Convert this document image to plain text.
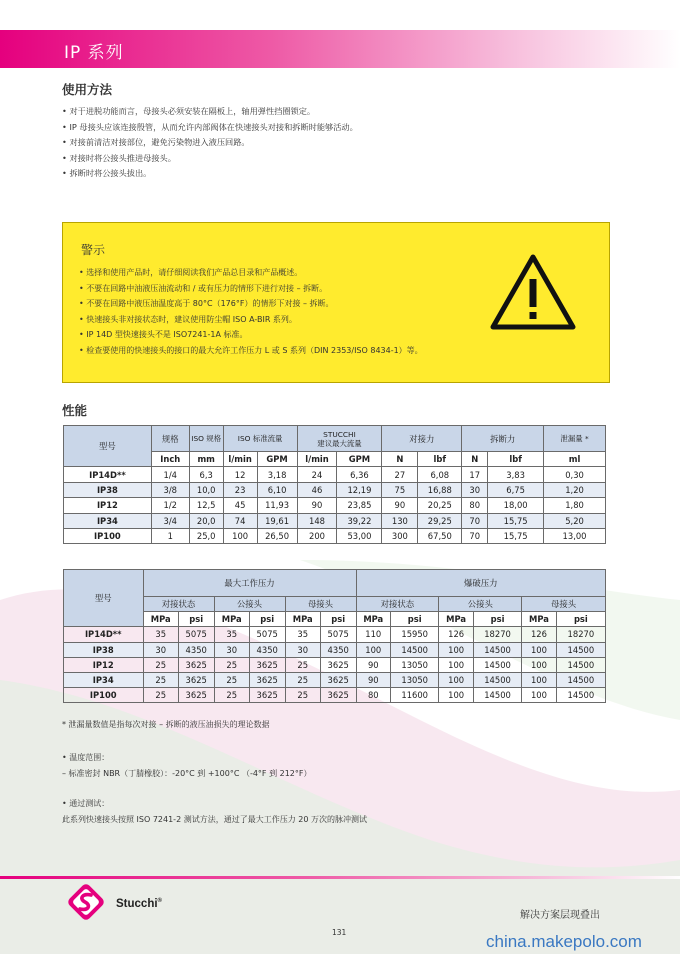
IP 系列
使用方法
• 对于进脱功能而言，母接头必须安装在隔板上，轴用弹性挡圈锁定。
• IP 母接头应该连接殷管，从而允许内部阀体在快速接头对接和拆断时能够活动。
• 对接前清洁对接部位，避免污染物进入液压回路。
• 对接时将公接头推进母接头。
• 拆断时将公接头拔出。
警示
• 选择和使用产品时，请仔细阅读我们产品总目录和产品概述。
• 不要在回路中油液压油流动和 / 或有压力的情形下进行对接 – 拆断。
• 不要在回路中液压油温度高于 80°C（176°F）的情形下对接 – 拆断。
• 快速接头非对接状态时，建议使用防尘帽 ISO A-BIR 系列。
• IP 14D 型快速接头不是 ISO7241-1A 标准。
• 检查要使用的快速接头的接口的最大允许工作压力 L 或 S 系列（DIN 2353/ISO 8434-1）等。
性能
型号	规格	ISO 规格	ISO 标准流量		STUCCHI
建议最大流量		对接力		拆断力		泄漏量 *
	Inch	mm	l/min	GPM	l/min	GPM	N	lbf	N	lbf	ml
IP14D**	1/4	6,3	12	3,18	24	6,36	27	6,08	17	3,83	0,30
IP38	3/8	10,0	23	6,10	46	12,19	75	16,88	30	6,75	1,20
IP12	1/2	12,5	45	11,93	90	23,85	90	20,25	80	18,00	1,80
IP34	3/4	20,0	74	19,61	148	39,22	130	29,25	70	15,75	5,20
IP100	1	25,0	100	26,50	200	53,00	300	67,50	70	15,75	13,00
型号	最大工作压力						爆破压力					
	对接状态		公接头		母接头		对接状态		公接头		母接头	
	MPa	psi	MPa	psi	MPa	psi	MPa	psi	MPa	psi	MPa	psi
IP14D**	35	5075	35	5075	35	5075	110	15950	126	18270	126	18270
IP38	30	4350	30	4350	30	4350	100	14500	100	14500	100	14500
IP12	25	3625	25	3625	25	3625	90	13050	100	14500	100	14500
IP34	25	3625	25	3625	25	3625	90	13050	100	14500	100	14500
IP100	25	3625	25	3625	25	3625	80	11600	100	14500	100	14500
* 泄漏量数值是指每次对接 – 拆断的液压油损失的理论数据
• 温度范围：
– 标准密封 NBR（丁腈橡胶）：-20°C 到 +100°C （-4°F 到 212°F）
• 通过测试：
此系列快速接头按照 ISO 7241-2 测试方法，通过了最大工作压力 20 万次的脉冲测试
Stucchi®
解决方案层现叠出
131	china.makepolo.com
